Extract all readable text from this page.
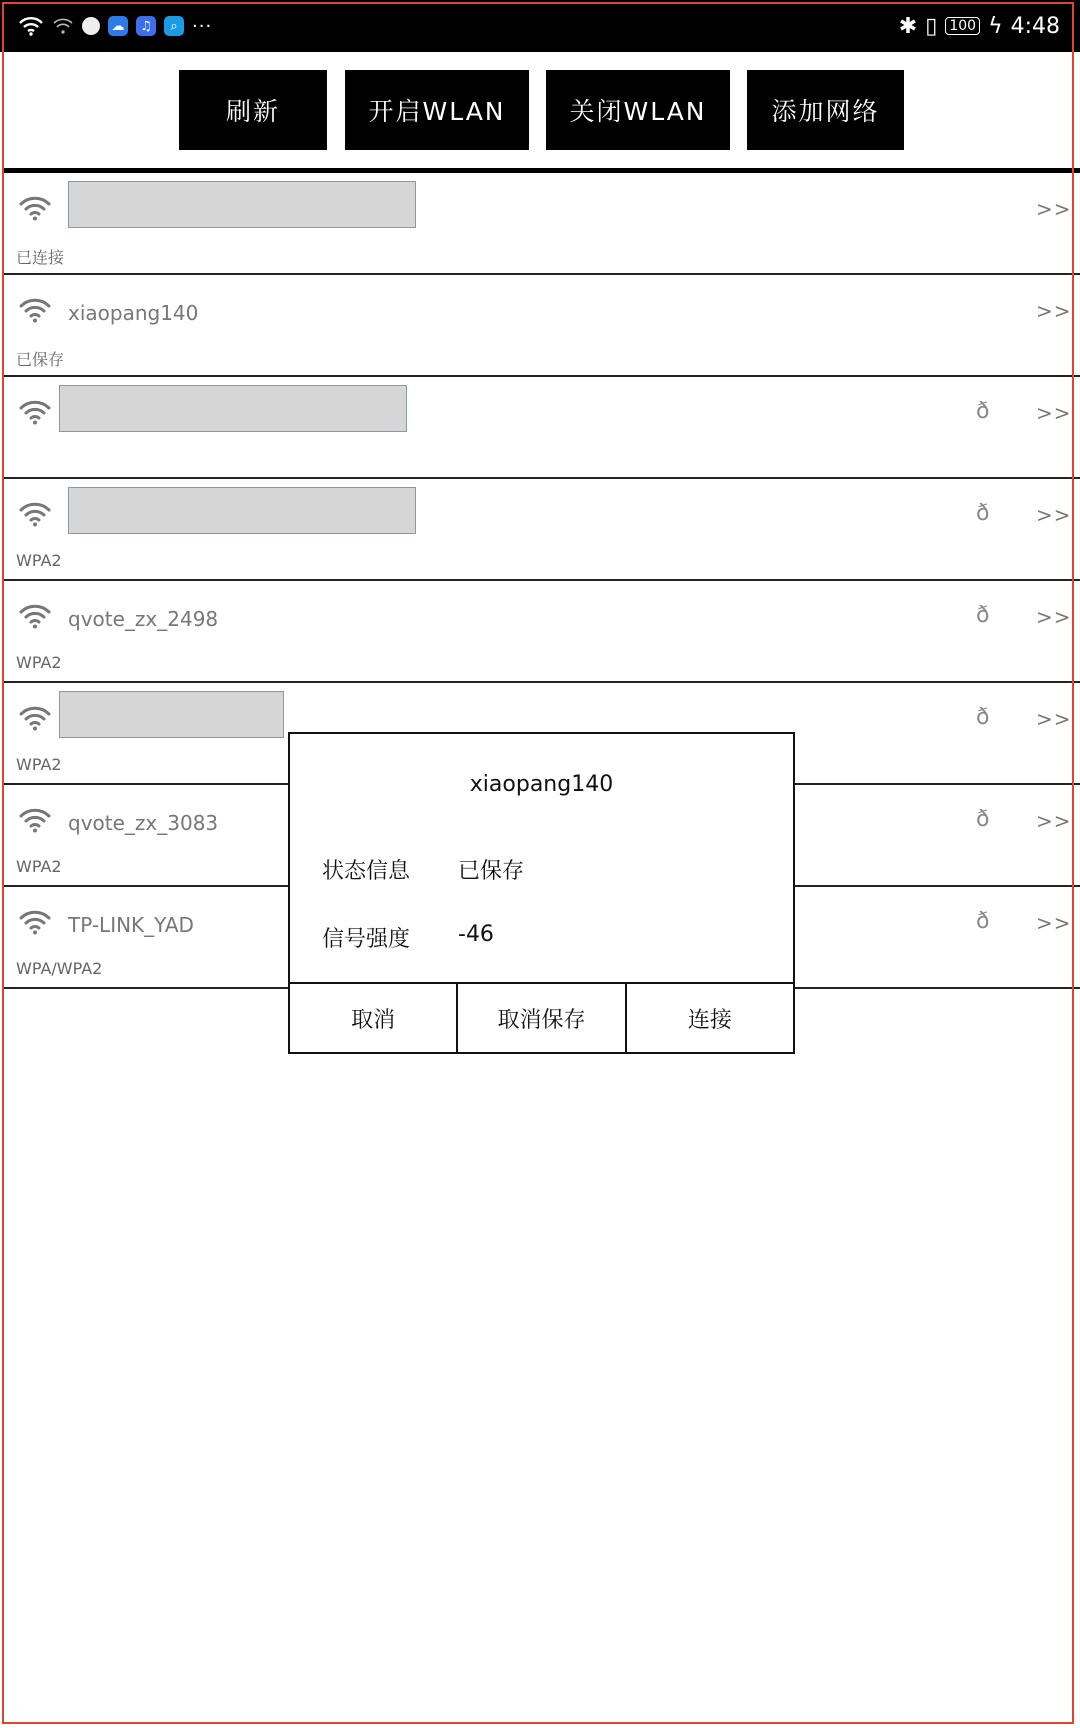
☁	♫	⌕ ···	✱ ▯ 100 ϟ 4:48
刷新	开启WLAN	关闭WLAN	添加网络
已连接
>>
xiaopang140
已保存
>>
ð >>
WPA2
ð >>
qvote_zx_2498
WPA2
ð >>
WPA2
ð >>
qvote_zx_3083
WPA2
ð >>
TP-LINK_YAD
WPA/WPA2
ð >>
xiaopang140
状态信息 已保存
信号强度 -46
取消	取消保存	连接
